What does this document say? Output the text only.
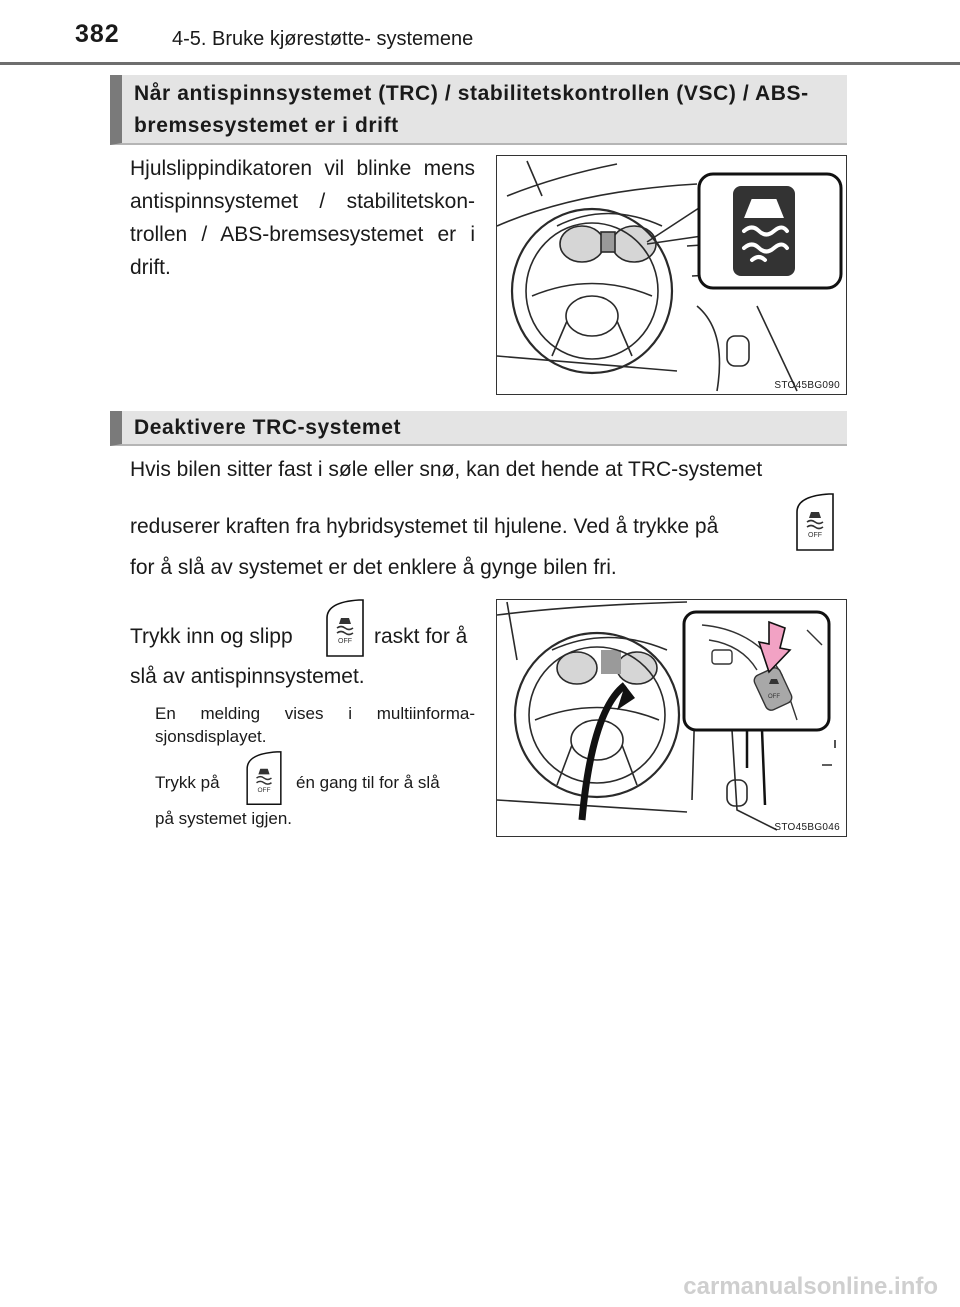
382	4-5. Bruke kjørestøtte- systemene
Når antispinnsystemet (TRC) / stabilitetskontrollen (VSC) / ABS-
bremsesystemet er i drift
Hjulslippindikatoren vil blinke mens antispinnsystemet / stabilitetskontrollen / ABS-bremsesystemet er i drift.
STO45BG090
Deaktivere TRC-systemet
Hvis bilen sitter fast i søle eller snø, kan det hende at TRC-systemet
reduserer kraften fra hybridsystemet til hjulene. Ved å trykke på	OFF
for å slå av systemet er det enklere å gynge bilen fri.
Trykk inn og slipp	OFF raskt for å
slå av antispinnsystemet.
En melding vises i multiinformasjonsdisplayet.
Trykk på	OFF én gang til for å slå
på systemet igjen.
OFF
STO45BG046
carmanualsonline.info
